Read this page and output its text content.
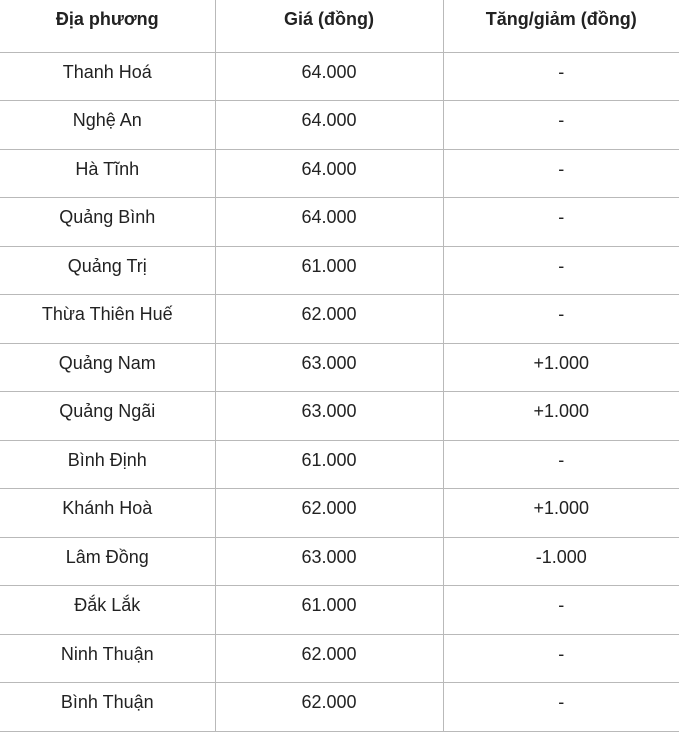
Địa phương	Giá (đồng)	Tăng/giảm (đồng)
Thanh Hoá	64.000	-
Nghệ An	64.000	-
Hà Tĩnh	64.000	-
Quảng Bình	64.000	-
Quảng Trị	61.000	-
Thừa Thiên Huế	62.000	-
Quảng Nam	63.000	+1.000
Quảng Ngãi	63.000	+1.000
Bình Định	61.000	-
Khánh Hoà	62.000	+1.000
Lâm Đồng	63.000	-1.000
Đắk Lắk	61.000	-
Ninh Thuận	62.000	-
Bình Thuận	62.000	-
